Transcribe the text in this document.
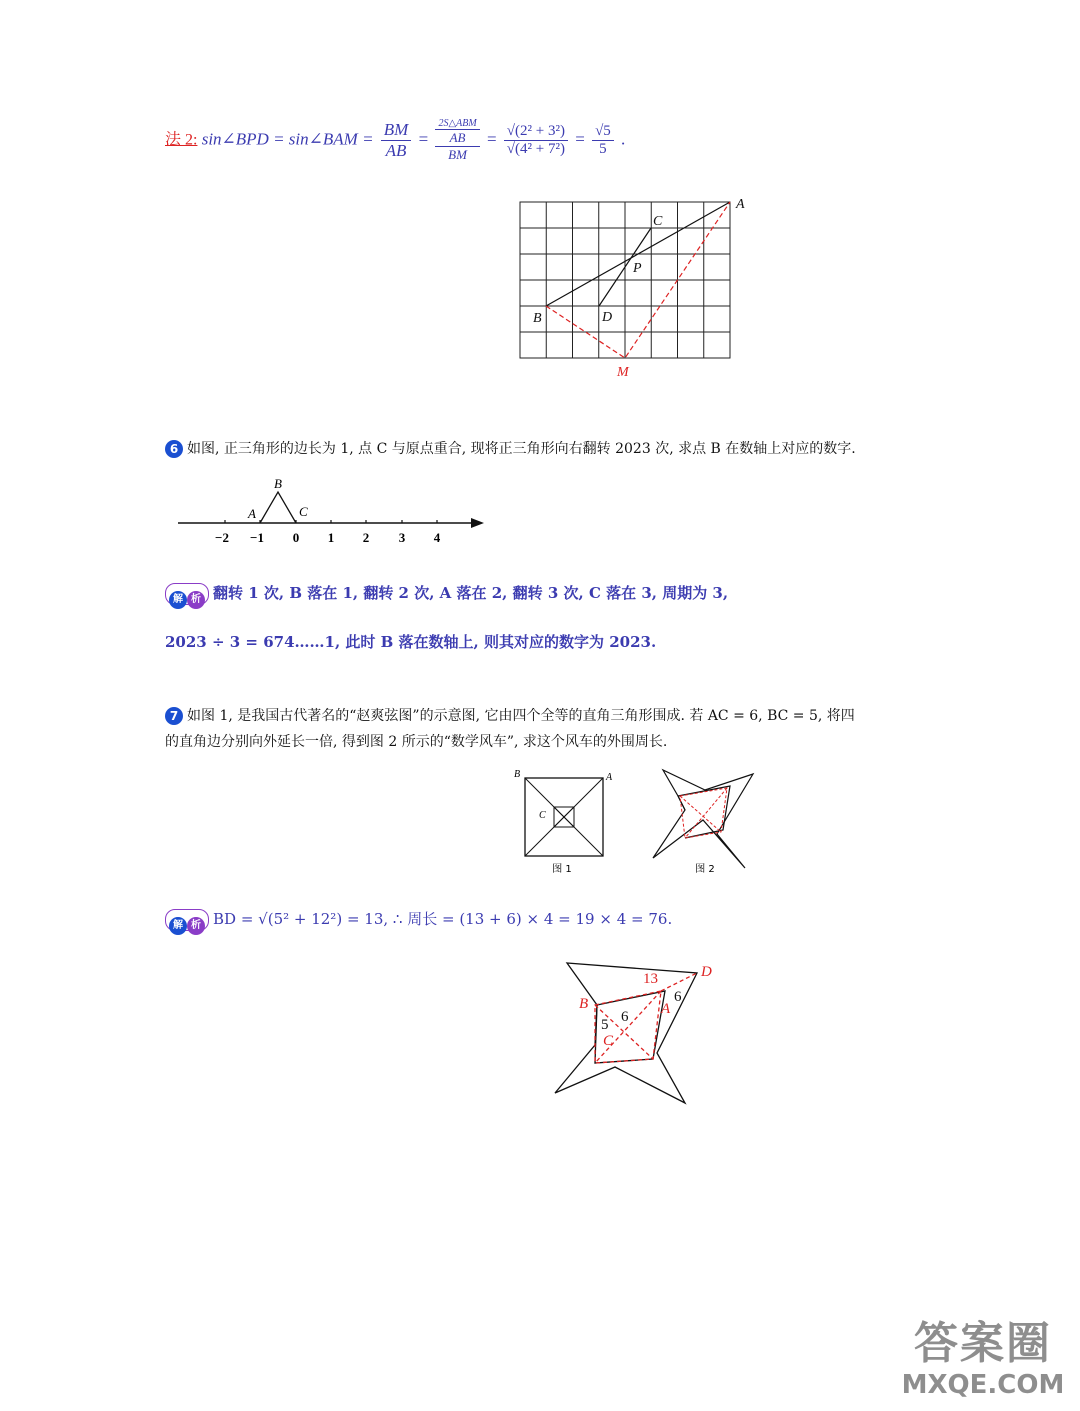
法 2: sin∠BPD = sin∠BAM = $\frac{BM}{AB}$ =
2S△ABM
AB
BM
= $\frac{\text{√(2² + 3²)}}{\text{√(4² + 7²)}} = \frac{√5}{5}$ .
A
B
C
D
P
M
6 如图, 正三角形的边长为 1, 点 C 与原点重合, 现将正三角形向右翻转 2023 次, 求点 B 在数轴上对应的数字.
B
A	C
−2 −1 0 1 2 3 4
解 析 翻转 1 次, B 落在 1, 翻转 2 次, A 落在 2, 翻转 3 次, C 落在 3, 周期为 3,
2023 ÷ 3 = 674……1, 此时 B 落在数轴上, 则其对应的数字为 2023.
7 如图 1, 是我国古代著名的“赵爽弦图”的示意图, 它由四个全等的直角三角形围成. 若 AC = 6, BC = 5, 将四
的直角边分别向外延长一倍, 得到图 2 所示的“数学风车”, 求这个风车的外围周长.
B	A
C
图 1	图 2
解 析 BD = √(5² + 12²) = 13, ∴ 周长 = (13 + 6) × 4 = 19 × 4 = 76.
13	D
6
B
6
5
A
C
答案圈
MXQE.COM
